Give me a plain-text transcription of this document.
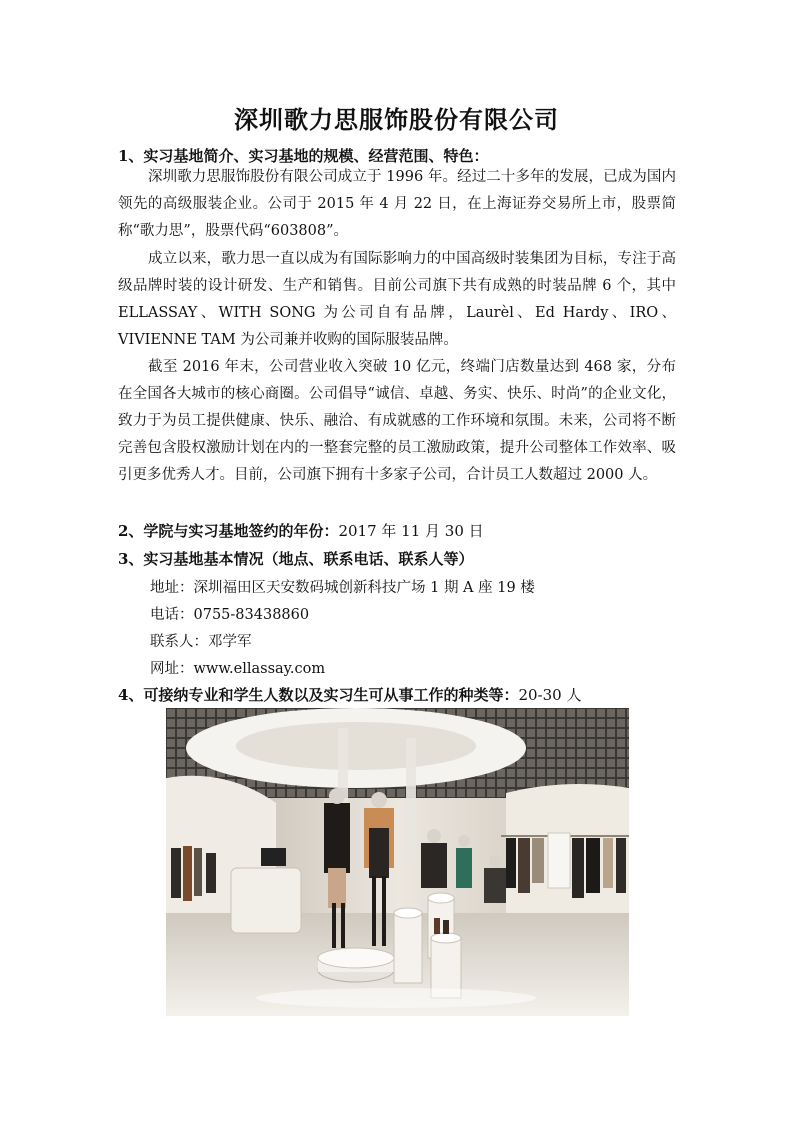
深圳歌力思服饰股份有限公司
1、实习基地简介、实习基地的规模、经营范围、特色：
深圳歌力思服饰股份有限公司成立于 1996 年。经过二十多年的发展，已成为国内领先的高级服装企业。公司于 2015 年 4 月 22 日，在上海证券交易所上市，股票简称“歌力思”，股票代码“603808”。
成立以来，歌力思一直以成为有国际影响力的中国高级时装集团为目标，专注于高级品牌时装的设计研发、生产和销售。目前公司旗下共有成熟的时装品牌 6 个，其中 ELLASSAY、WITH SONG 为公司自有品牌，Laurèl、Ed Hardy、IRO、VIVIENNE TAM 为公司兼并收购的国际服装品牌。
截至 2016 年末，公司营业收入突破 10 亿元，终端门店数量达到 468 家，分布在全国各大城市的核心商圈。公司倡导“诚信、卓越、务实、快乐、时尚”的企业文化，致力于为员工提供健康、快乐、融洽、有成就感的工作环境和氛围。未来，公司将不断完善包含股权激励计划在内的一整套完整的员工激励政策，提升公司整体工作效率、吸引更多优秀人才。目前，公司旗下拥有十多家子公司，合计员工人数超过 2000 人。
2、学院与实习基地签约的年份：2017 年 11 月 30 日
3、实习基地基本情况（地点、联系电话、联系人等）
地址：深圳福田区天安数码城创新科技广场 1 期 A 座 19 楼
电话：0755-83438860
联系人：邓学军
网址：www.ellassay.com
4、可接纳专业和学生人数以及实习生可从事工作的种类等：20-30 人
